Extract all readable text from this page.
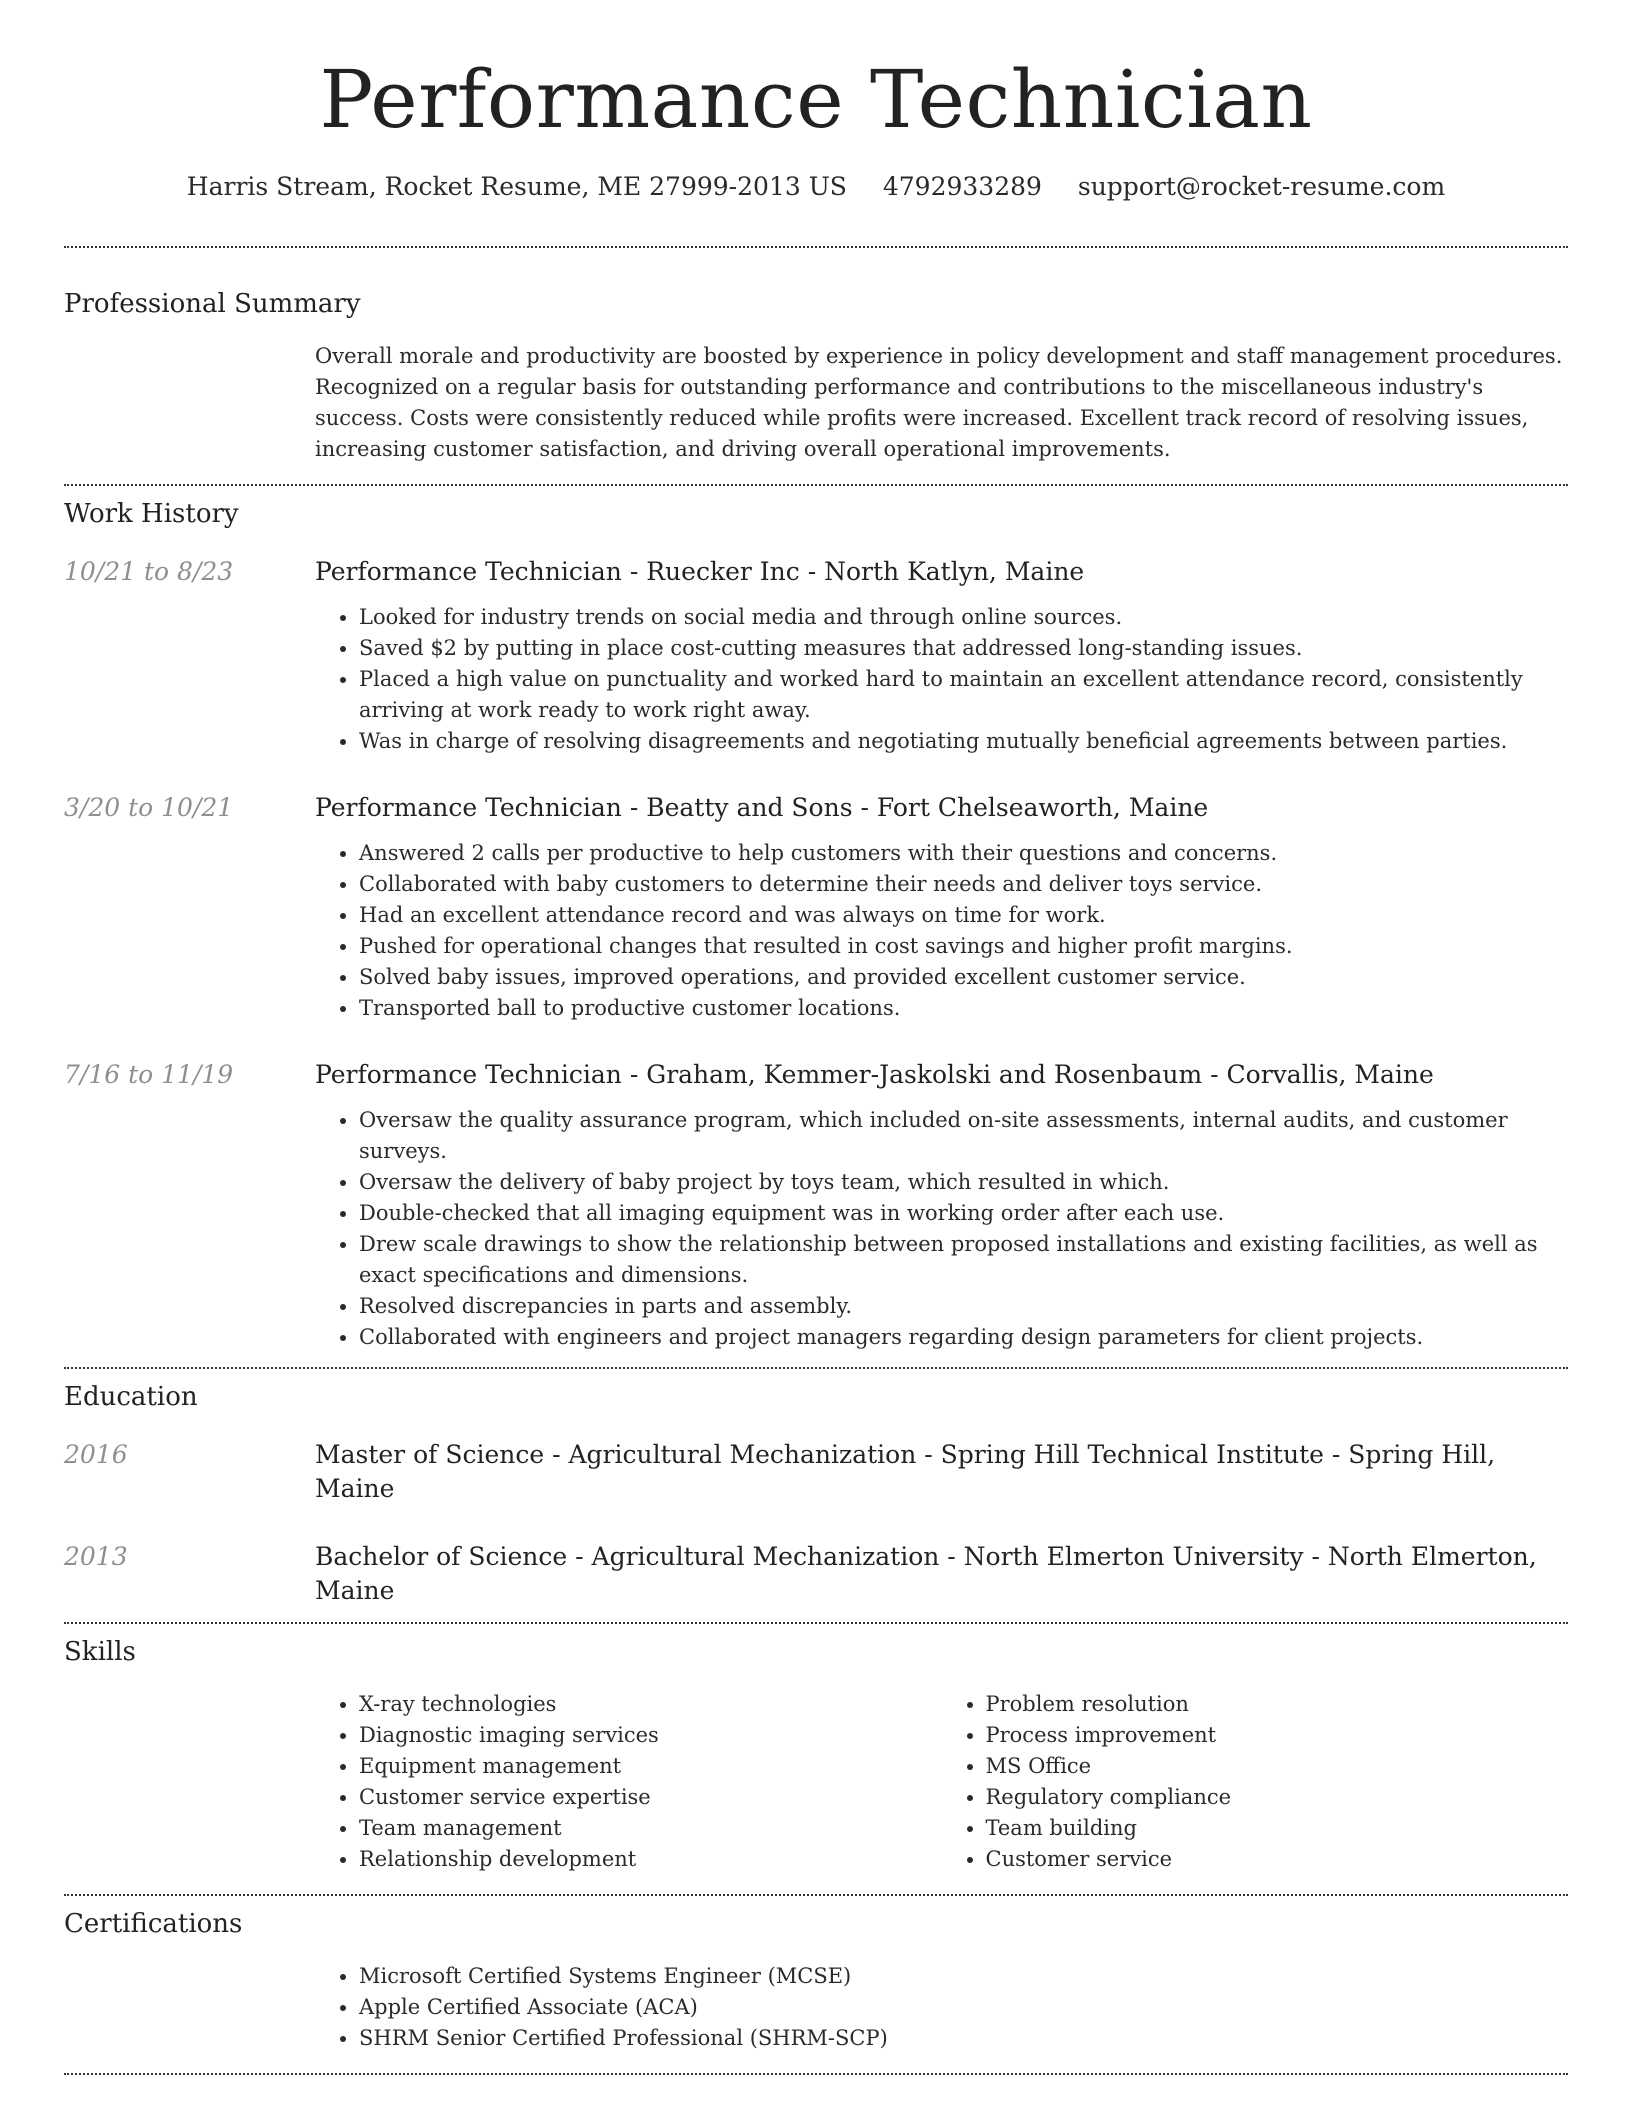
Performance Technician
Harris Stream, Rocket Resume, ME 27999-2013 US 4792933289 support@rocket-resume.com
Professional Summary

Overall morale and productivity are boosted by experience in policy development and staff management procedures. Recognized on a regular basis for outstanding performance and contributions to the miscellaneous industry's success. Costs were consistently reduced while profits were increased. Excellent track record of resolving issues, increasing customer satisfaction, and driving overall operational improvements.

Work History
10/21 to 8/23	Performance Technician - Ruecker Inc - North Katlyn, Maine
• Looked for industry trends on social media and through online sources.
• Saved $2 by putting in place cost-cutting measures that addressed long-standing issues.
• Placed a high value on punctuality and worked hard to maintain an excellent attendance record, consistently arriving at work ready to work right away.
• Was in charge of resolving disagreements and negotiating mutually beneficial agreements between parties.
3/20 to 10/21	Performance Technician - Beatty and Sons - Fort Chelseaworth, Maine
• Answered 2 calls per productive to help customers with their questions and concerns.
• Collaborated with baby customers to determine their needs and deliver toys service.
• Had an excellent attendance record and was always on time for work.
• Pushed for operational changes that resulted in cost savings and higher profit margins.
• Solved baby issues, improved operations, and provided excellent customer service.
• Transported ball to productive customer locations.
7/16 to 11/19	Performance Technician - Graham, Kemmer-Jaskolski and Rosenbaum - Corvallis, Maine
• Oversaw the quality assurance program, which included on-site assessments, internal audits, and customer surveys.
• Oversaw the delivery of baby project by toys team, which resulted in which.
• Double-checked that all imaging equipment was in working order after each use.
• Drew scale drawings to show the relationship between proposed installations and existing facilities, as well as exact specifications and dimensions.
• Resolved discrepancies in parts and assembly.
• Collaborated with engineers and project managers regarding design parameters for client projects.
Education
2016	Master of Science - Agricultural Mechanization - Spring Hill Technical Institute - Spring Hill, Maine
2013	Bachelor of Science - Agricultural Mechanization - North Elmerton University - North Elmerton, Maine
Skills
• X-ray technologies
• Diagnostic imaging services
• Equipment management
• Customer service expertise
• Team management
• Relationship development
• Problem resolution
• Process improvement
• MS Office
• Regulatory compliance
• Team building
• Customer service
Certifications
• Microsoft Certified Systems Engineer (MCSE)
• Apple Certified Associate (ACA)
• SHRM Senior Certified Professional (SHRM-SCP)
